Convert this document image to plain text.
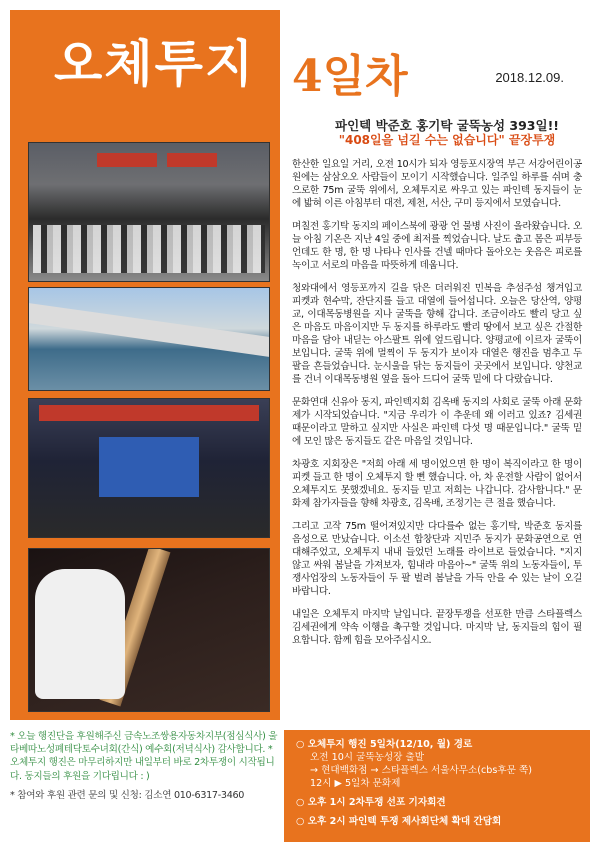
오체투지 4일차	2018.12.09.
파인텍 박준호 홍기탁 굴뚝농성 393일!!
"408일을 넘길 수는 없습니다" 끝장투쟁

한산한 일요일 거리, 오전 10시가 되자 영등포시장역 부근 서강어린이공원에는 삼삼오오 사람들이 모이기 시작했습니다. 일주일 하루를 쉬며 충으로한 75m 굴뚝 위에서, 오체투지로 싸우고 있는 파인텍 동지들이 눈에 밟혀 이른 아침부터 대전, 제천, 서산, 구미 등지에서 모였습니다.

며칠전 홍기탁 동지의 페이스북에 광광 언 물병 사진이 올라왔습니다. 오늘 아침 기온은 지난 4일 중에 최저를 찍었습니다. 날도 춥고 몸은 피부등언데도 한 명, 한 명 나타나 인사를 건넬 때마다 돌아오는 웃음은 피로를 녹이고 서로의 마음을 따뜻하게 데웁니다.

청와대에서 영등포까지 길을 닦은 더러워진 민복을 추섬주섬 챙겨입고 피켓과 현수막, 잔단지를 들고 대열에 들어섭니다. 오늘은 당산역, 양평교, 이대목동병원을 지나 굴뚝을 향해 갑니다. 조금이라도 빨리 당고 싶은 마음도 마음이지만 두 동지를 하루라도 빨리 땅에서 보고 싶은 간절한 마음을 담아 내딛는 아스팔트 위에 엎드립니다. 양평교에 이르자 굴뚝이 보입니다. 굴뚝 위에 멀찍이 두 동지가 보이자 대열은 행진을 멈추고 두 팔을 흔들었습니다. 눈시울을 닦는 동지들이 곳곳에서 보입니다. 양천교를 건너 이대목동병원 옆을 돌아 드디어 굴뚝 밑에 다 다랐습니다.

문화연대 신유아 동지, 파인텍지회 김옥배 동지의 사회로 굴뚝 아래 문화제가 시작되었습니다. "지금 우리가 이 추운데 왜 이러고 있죠? 김세권 때문이라고 말하고 싶지만 사실은 파인텍 다섯 명 때문입니다." 굴뚝 밑에 모인 많은 동지들도 같은 마음일 것입니다.

차광호 지회장은 "저희 아래 세 명이었으면 한 명이 복직이라고 한 명이 피켓 들고 한 명이 오체투지 할 뻔 했습니다. 아, 차 운전할 사람이 없어서 오체투지도 못했겠네요. 동지들 믿고 저희는 나갑니다. 감사합니다." 문화제 참가자들을 향해 차광호, 김옥배, 조정기는 큰 절을 했습니다.

그리고 고작 75m 떨어져있지만 다다를수 없는 홍기탁, 박준호 동지를 음성으로 만났습니다. 이소선 합창단과 지민주 동지가 문화공연으로 연대해주었고, 오체투지 내내 들었던 노래를 라이브로 들었습니다. "지지 않고 싸워 봄날을 가져보자, 힘내라 마음아~" 굴뚝 위의 노동자들이, 투쟁사업장의 노동자들이 두 팔 벌려 봄날을 가득 안을 수 있는 날이 오길 바랍니다.

내일은 오체투지 마지막 날입니다. 끝장투쟁을 선포한 만큼 스타플렉스 김세권에게 약속 이행을 촉구할 것입니다. 마지막 날, 동지들의 힘이 필요합니다. 함께 힘을 모아주십시오.

* 오늘 행진단을 후원해주신 금속노조쌍용자동차지부(점심식사) 울타베따노성폐테닥토수녀회(간식) 예수회(저녁식사) 감사합니다. * 오체투지 행진은 마무리하지만 내일부터 바로 2차투쟁이 시작됩니다. 동지들의 후원을 기다립니다 : )

* 참여와 후원 관련 문의 및 신청: 김소연 010-6317-3460

○ 오체투지 행진 5일차(12/10, 월) 경로
오전 10시 굴뚝농성장 출발
→ 현대백화점 → 스타플렉스 서울사무소(cbs후문 쪽)
12시 ▶ 5일차 문화제
○ 오후 1시 2차투쟁 선포 기자회견
○ 오후 2시 파인텍 투쟁 제사회단체 확대 간담회
